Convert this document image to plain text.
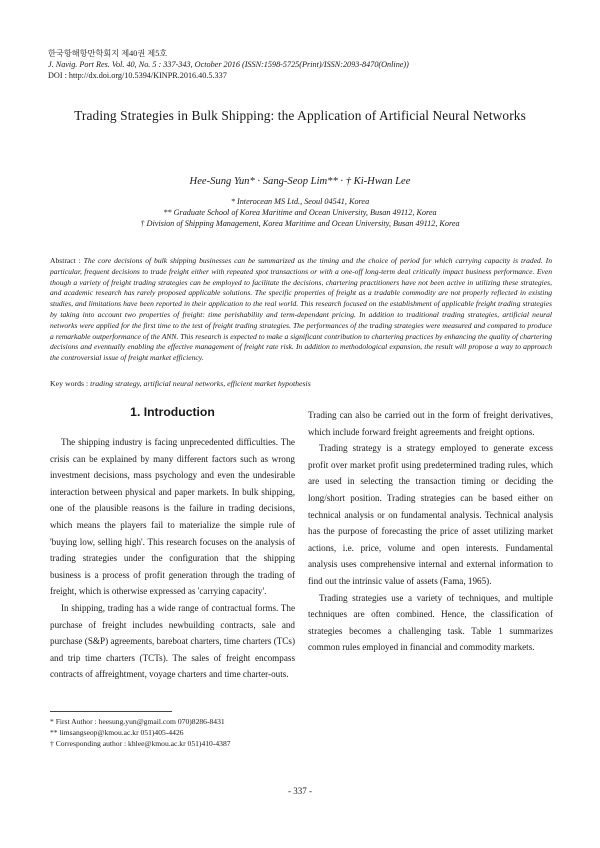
한국항해항만학회지 제40권 제5호
J. Navig. Port Res. Vol. 40, No. 5 : 337-343, October 2016 (ISSN:1598-5725(Print)/ISSN:2093-8470(Online))
DOI : http://dx.doi.org/10.5394/KINPR.2016.40.5.337
Trading Strategies in Bulk Shipping: the Application of Artificial Neural Networks
Hee-Sung Yun* · Sang-Seop Lim** · † Ki-Hwan Lee
* Interocean MS Ltd., Seoul 04541, Korea
** Graduate School of Korea Maritime and Ocean University, Busan 49112, Korea
† Division of Shipping Management, Korea Maritime and Ocean University, Busan 49112, Korea
Abstract : The core decisions of bulk shipping businesses can be summarized as the timing and the choice of period for which carrying capacity is traded. In particular, frequent decisions to trade freight either with repeated spot transactions or with a one-off long-term deal critically impact business performance. Even though a variety of freight trading strategies can be employed to facilitate the decisions, chartering practitioners have not been active in utilizing these strategies, and academic research has rarely proposed applicable solutions. The specific properties of freight as a tradable commodity are not properly reflected in existing studies, and limitations have been reported in their application to the real world. This research focused on the establishment of applicable freight trading strategies by taking into account two properties of freight: time perishability and term-dependant pricing. In addition to traditional trading strategies, artificial neural networks were applied for the first time to the test of freight trading strategies. The performances of the trading strategies were measured and compared to produce a remarkable outperformance of the ANN. This research is expected to make a significant contribution to chartering practices by enhancing the quality of chartering decisions and eventually enabling the effective management of freight rate risk. In addition to methodological expansion, the result will propose a way to approach the controversial issue of freight market efficiency.
Key words : trading strategy, artificial neural networks, efficient market hypothesis
1. Introduction

The shipping industry is facing unprecedented difficulties. The crisis can be explained by many different factors such as wrong investment decisions, mass psychology and even the undesirable interaction between physical and paper markets. In bulk shipping, one of the plausible reasons is the failure in trading decisions, which means the players fail to materialize the simple rule of 'buying low, selling high'. This research focuses on the analysis of trading strategies under the configuration that the shipping business is a process of profit generation through the trading of freight, which is otherwise expressed as 'carrying capacity'.

In shipping, trading has a wide range of contractual forms. The purchase of freight includes newbuilding contracts, sale and purchase (S&P) agreements, bareboat charters, time charters (TCs) and trip time charters (TCTs). The sales of freight encompass contracts of affreightment, voyage charters and time charter-outs.

Trading can also be carried out in the form of freight derivatives, which include forward freight agreements and freight options.

Trading strategy is a strategy employed to generate excess profit over market profit using predetermined trading rules, which are used in selecting the transaction timing or deciding the long/short position. Trading strategies can be based either on technical analysis or on fundamental analysis. Technical analysis has the purpose of forecasting the price of asset utilizing market actions, i.e. price, volume and open interests. Fundamental analysis uses comprehensive internal and external information to find out the intrinsic value of assets (Fama, 1965).

Trading strategies use a variety of techniques, and multiple techniques are often combined. Hence, the classification of strategies becomes a challenging task. Table 1 summarizes common rules employed in financial and commodity markets.

* First Author : heesung.yun@gmail.com 070)8286-8431
** limsangseop@kmou.ac.kr 051)405-4426
† Corresponding author : khlee@kmou.ac.kr 051)410-4387
- 337 -
